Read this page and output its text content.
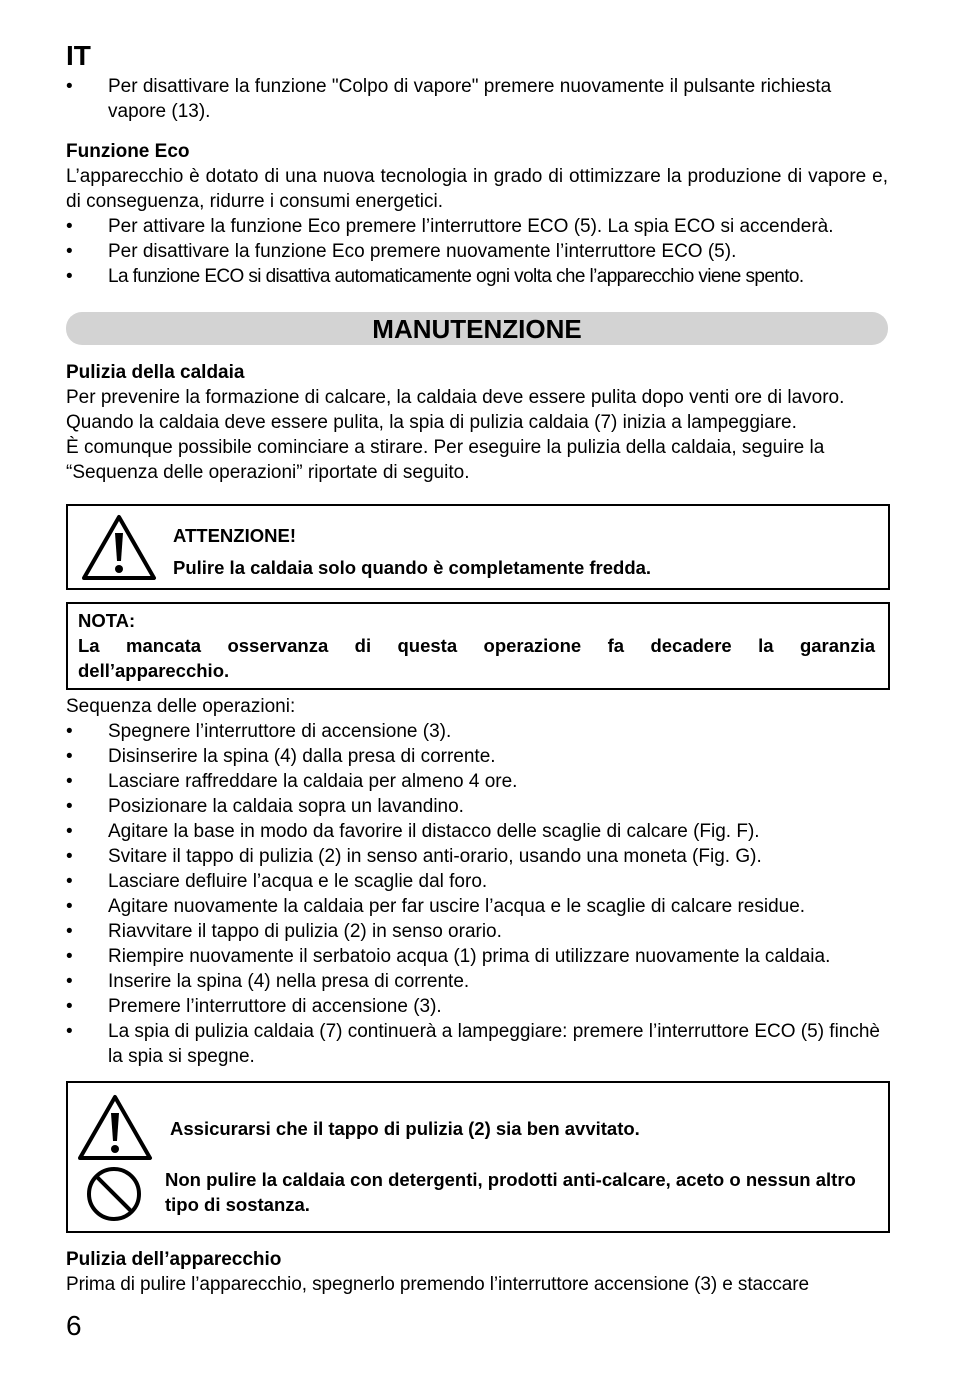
IT
• Per disattivare la funzione "Colpo di vapore" premere nuovamente il pulsante richiesta vapore (13).

Funzione Eco

L’apparecchio è dotato di una nuova tecnologia in grado di ottimizzare la produzione di vapore e, di conseguenza, ridurre i consumi energetici.

• Per attivare la funzione Eco premere l’interruttore ECO (5). La spia ECO si accenderà.
• Per disattivare la funzione Eco premere nuovamente l’interruttore ECO (5).
• La funzione ECO si disattiva automaticamente ogni volta che l’apparecchio viene spento.
MANUTENZIONE

Pulizia della caldaia

Per prevenire la formazione di calcare, la caldaia deve essere pulita dopo venti ore di lavoro.

Quando la caldaia deve essere pulita, la spia di pulizia caldaia (7) inizia a lampeggiare.

È comunque possibile cominciare a stirare. Per eseguire la pulizia della caldaia, seguire la

“Sequenza delle operazioni” riportate di seguito.

ATTENZIONE!

Pulire la caldaia solo quando è completamente fredda.

NOTA:

La mancata osservanza di questa operazione fa decadere la garanzia dell’apparecchio.

Sequenza delle operazioni:

• Spegnere l’interruttore di accensione (3).
• Disinserire la spina (4) dalla presa di corrente.
• Lasciare raffreddare la caldaia per almeno 4 ore.
• Posizionare la caldaia sopra un lavandino.
• Agitare la base in modo da favorire il distacco delle scaglie di calcare (Fig. F).
• Svitare il tappo di pulizia (2) in senso anti-orario, usando una moneta (Fig. G).
• Lasciare defluire l’acqua e le scaglie dal foro.
• Agitare nuovamente la caldaia per far uscire l’acqua e le scaglie di calcare residue.
• Riavvitare il tappo di pulizia (2) in senso orario.
• Riempire nuovamente il serbatoio acqua (1) prima di utilizzare nuovamente la caldaia.
• Inserire la spina (4) nella presa di corrente.
• Premere l’interruttore di accensione (3).
• La spia di pulizia caldaia (7) continuerà a lampeggiare: premere l’interruttore ECO (5) finchè la spia si spegne.

Assicurarsi che il tappo di pulizia (2) sia ben avvitato.

Non pulire la caldaia con detergenti, prodotti anti-calcare, aceto o nessun altro tipo di sostanza.

Pulizia dell’apparecchio

Prima di pulire l’apparecchio, spegnerlo premendo l’interruttore accensione (3) e staccare

6
